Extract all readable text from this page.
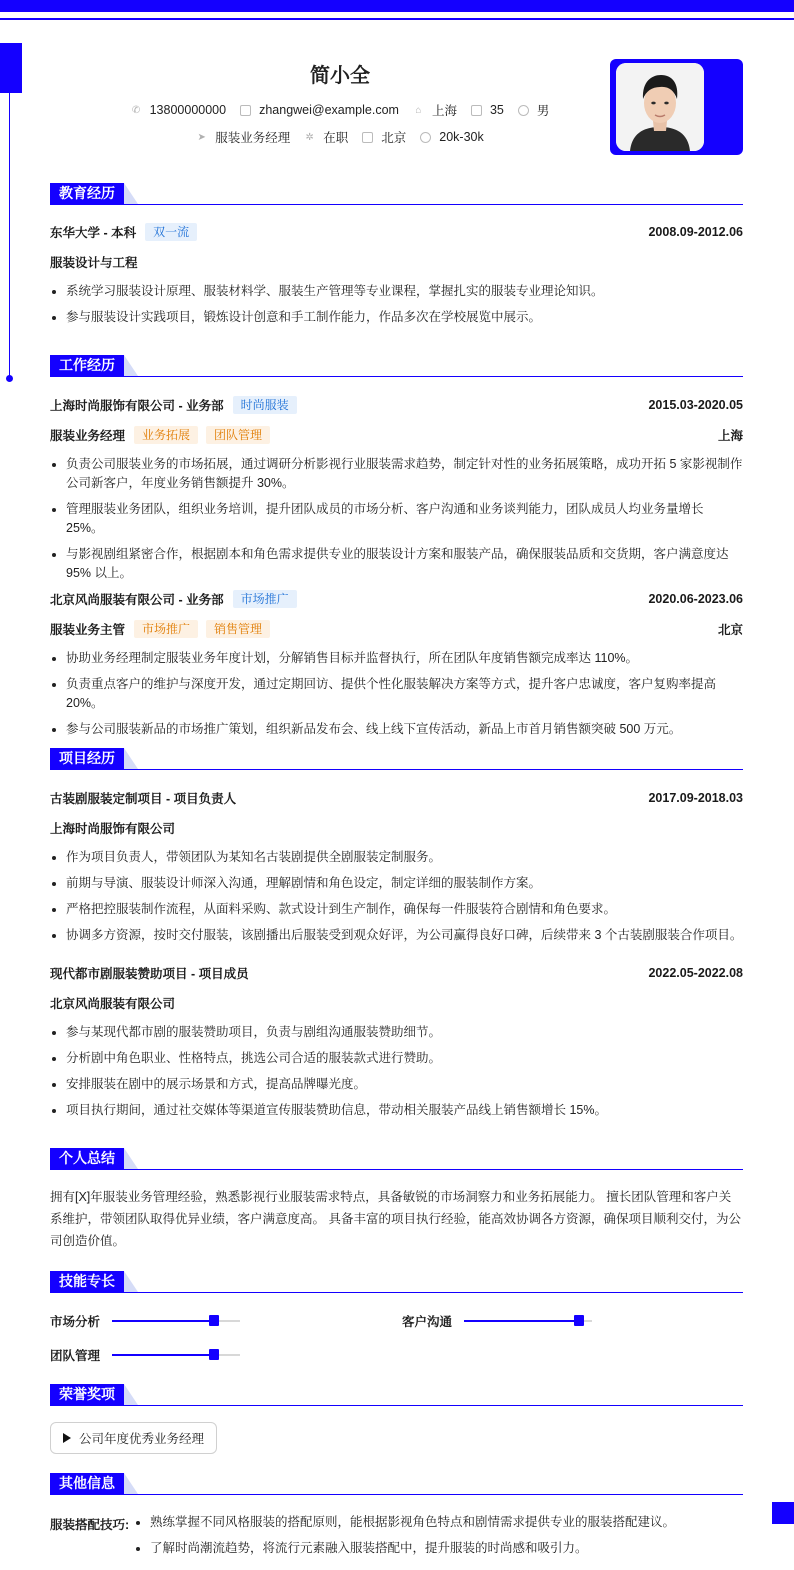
简小全
✆ 13800000000	zhangwei@example.com ⌂ 上海	35	男
➤ 服装业务经理 ✲ 在职	北京	20k-30k
教育经历
东华大学 - 本科	双一流	2008.09-2012.06
服装设计与工程
系统学习服装设计原理、服装材料学、服装生产管理等专业课程，掌握扎实的服装专业理论知识。
参与服装设计实践项目，锻炼设计创意和手工制作能力，作品多次在学校展览中展示。
工作经历
上海时尚服饰有限公司 - 业务部	时尚服装	2015.03-2020.05
服装业务经理	业务拓展	团队管理	上海
负责公司服装业务的市场拓展，通过调研分析影视行业服装需求趋势，制定针对性的业务拓展策略，成功开拓 5 家影视制作公司新客户，年度业务销售额提升 30%。
管理服装业务团队，组织业务培训，提升团队成员的市场分析、客户沟通和业务谈判能力，团队成员人均业务量增长 25%。
与影视剧组紧密合作，根据剧本和角色需求提供专业的服装设计方案和服装产品，确保服装品质和交货期，客户满意度达 95% 以上。
北京风尚服装有限公司 - 业务部	市场推广	2020.06-2023.06
服装业务主管	市场推广	销售管理	北京
协助业务经理制定服装业务年度计划，分解销售目标并监督执行，所在团队年度销售额完成率达 110%。
负责重点客户的维护与深度开发，通过定期回访、提供个性化服装解决方案等方式，提升客户忠诚度，客户复购率提高 20%。
参与公司服装新品的市场推广策划，组织新品发布会、线上线下宣传活动，新品上市首月销售额突破 500 万元。
项目经历
古装剧服装定制项目 - 项目负责人	2017.09-2018.03
上海时尚服饰有限公司
作为项目负责人，带领团队为某知名古装剧提供全剧服装定制服务。
前期与导演、服装设计师深入沟通，理解剧情和角色设定，制定详细的服装制作方案。
严格把控服装制作流程，从面料采购、款式设计到生产制作，确保每一件服装符合剧情和角色要求。
协调多方资源，按时交付服装，该剧播出后服装受到观众好评，为公司赢得良好口碑，后续带来 3 个古装剧服装合作项目。
现代都市剧服装赞助项目 - 项目成员	2022.05-2022.08
北京风尚服装有限公司
参与某现代都市剧的服装赞助项目，负责与剧组沟通服装赞助细节。
分析剧中角色职业、性格特点，挑选公司合适的服装款式进行赞助。
安排服装在剧中的展示场景和方式，提高品牌曝光度。
项目执行期间，通过社交媒体等渠道宣传服装赞助信息，带动相关服装产品线上销售额增长 15%。
个人总结
拥有[X]年服装业务管理经验，熟悉影视行业服装需求特点，具备敏锐的市场洞察力和业务拓展能力。 擅长团队管理和客户关系维护，带领团队取得优异业绩，客户满意度高。 具备丰富的项目执行经验，能高效协调各方资源，确保项目顺利交付，为公司创造价值。
技能专长
市场分析	客户沟通
团队管理
荣誉奖项
公司年度优秀业务经理
其他信息
服装搭配技巧:	熟练掌握不同风格服装的搭配原则，能根据影视角色特点和剧情需求提供专业的服装搭配建议。
了解时尚潮流趋势，将流行元素融入服装搭配中，提升服装的时尚感和吸引力。
